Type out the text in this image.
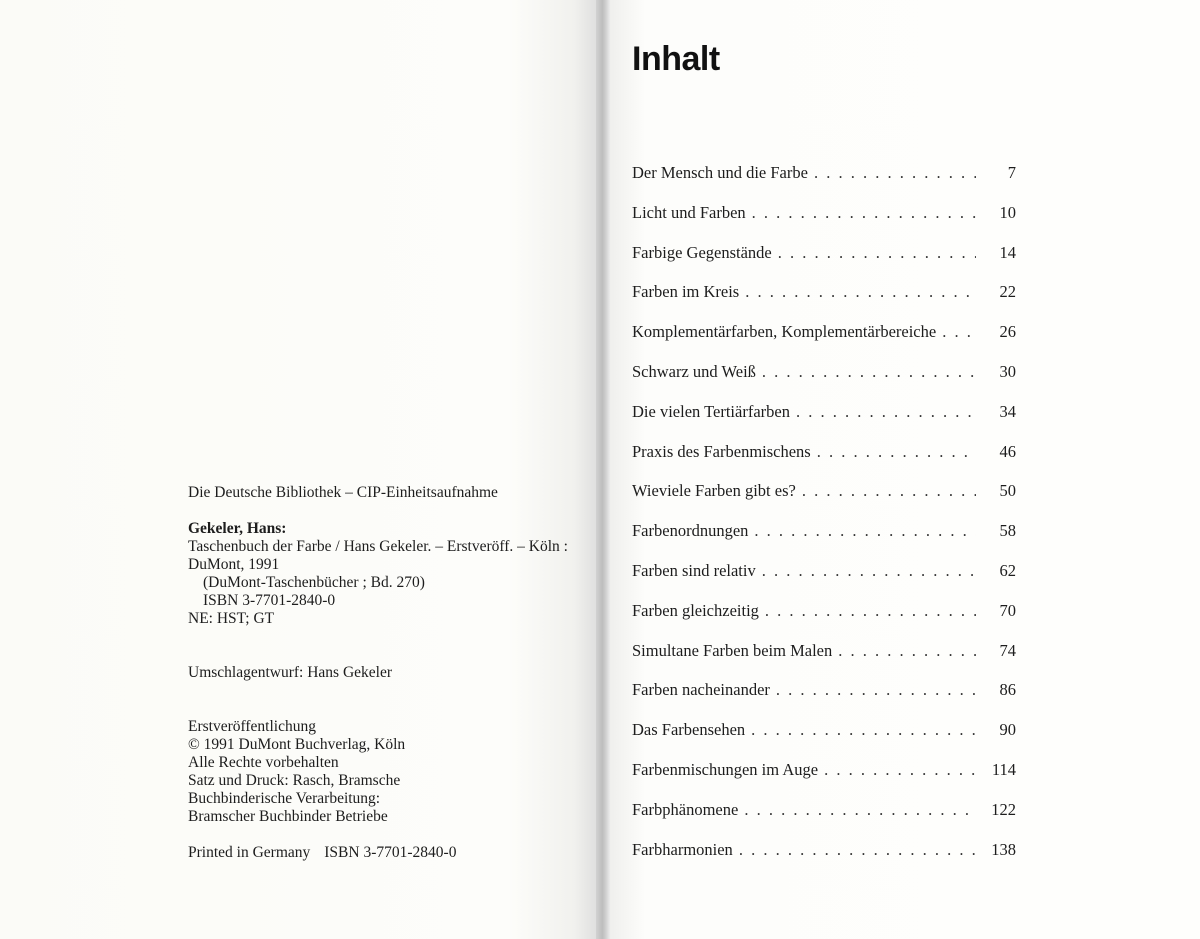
Die Deutsche Bibliothek – CIP-Einheitsaufnahme

Gekeler, Hans:

Taschenbuch der Farbe / Hans Gekeler. – Erstveröff. – Köln :

DuMont, 1991

(DuMont-Taschenbücher ; Bd. 270)

ISBN 3-7701-2840-0

NE: HST; GT

Umschlagentwurf: Hans Gekeler

Erstveröffentlichung

© 1991 DuMont Buchverlag, Köln

Alle Rechte vorbehalten

Satz und Druck: Rasch, Bramsche

Buchbinderische Verarbeitung:

Bramscher Buchbinder Betriebe

Printed in Germany ISBN 3-7701-2840-0
Inhalt
Der Mensch und die Farbe . . .	7
Licht und Farben . . .	10
Farbige Gegenstände . . .	14
Farben im Kreis . . .	22
Komplementärfarben, Komplementärbereiche . . .	26
Schwarz und Weiß . . .	30
Die vielen Tertiärfarben . . .	34
Praxis des Farbenmischens . . .	46
Wieviele Farben gibt es? . . .	50
Farbenordnungen . . .	58
Farben sind relativ . . .	62
Farben gleichzeitig . . .	70
Simultane Farben beim Malen . . .	74
Farben nacheinander . . .	86
Das Farbensehen . . .	90
Farbenmischungen im Auge . . .	114
Farbphänomene . . .	122
Farbharmonien . . .	138
